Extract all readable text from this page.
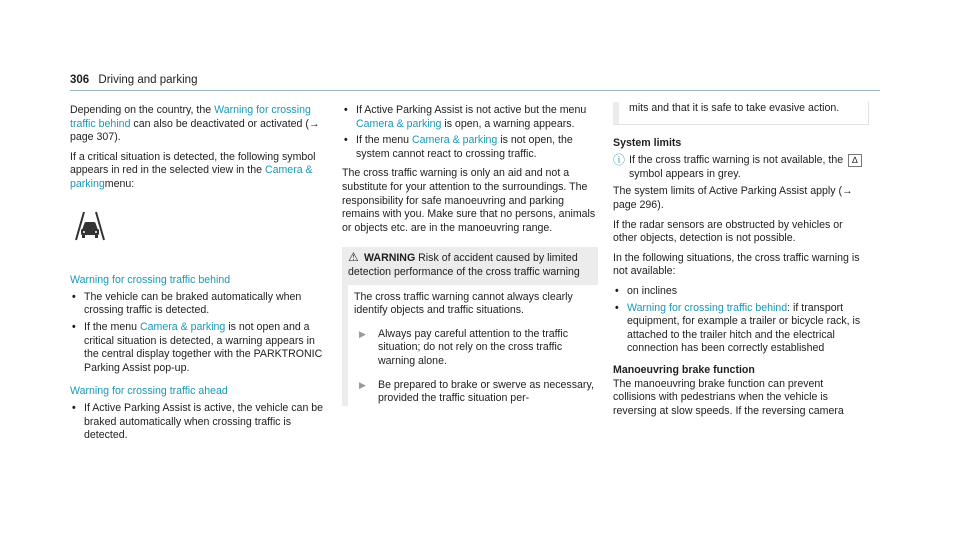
306 Driving and parking

Depending on the country, the Warning for crossing traffic behind can also be deactivated or activated (→ page 307).

If a critical situation is detected, the following symbol appears in red in the selected view in the Camera & parkingmenu:

Warning for crossing traffic behind
• The vehicle can be braked automatically when crossing traffic is detected.
• If the menu Camera & parking is not open and a critical situation is detected, a warning appears in the central display together with the PARKTRONIC Parking Assist pop-up.
Warning for crossing traffic ahead
• If Active Parking Assist is active, the vehicle can be braked automatically when crossing traffic is detected.
• If Active Parking Assist is not active but the menu Camera & parking is open, a warning appears.
• If the menu Camera & parking is not open, the system cannot react to crossing traffic.

The cross traffic warning is only an aid and not a substitute for your attention to the surroundings. The responsibility for safe manoeuvring and parking remains with you. Make sure that no persons, animals or objects etc. are in the manoeuvring range.

⚠ WARNING Risk of accident caused by limited detection performance of the cross traffic warning
The cross traffic warning cannot always clearly identify objects and traffic situations.
▶ Always pay careful attention to the traffic situation; do not rely on the cross traffic warning alone.
▶ Be prepared to brake or swerve as necessary, provided the traffic situation per-
mits and that it is safe to take evasive action.

System limits

ⓘ If the cross traffic warning is not available, the ∆ symbol appears in grey.

The system limits of Active Parking Assist apply (→ page 296).

If the radar sensors are obstructed by vehicles or other objects, detection is not possible.

In the following situations, the cross traffic warning is not available:

• on inclines
• Warning for crossing traffic behind: if transport equipment, for example a trailer or bicycle rack, is attached to the trailer hitch and the electrical connection has been correctly established

Manoeuvring brake function

The manoeuvring brake function can prevent collisions with pedestrians when the vehicle is reversing at slow speeds. If the reversing camera
